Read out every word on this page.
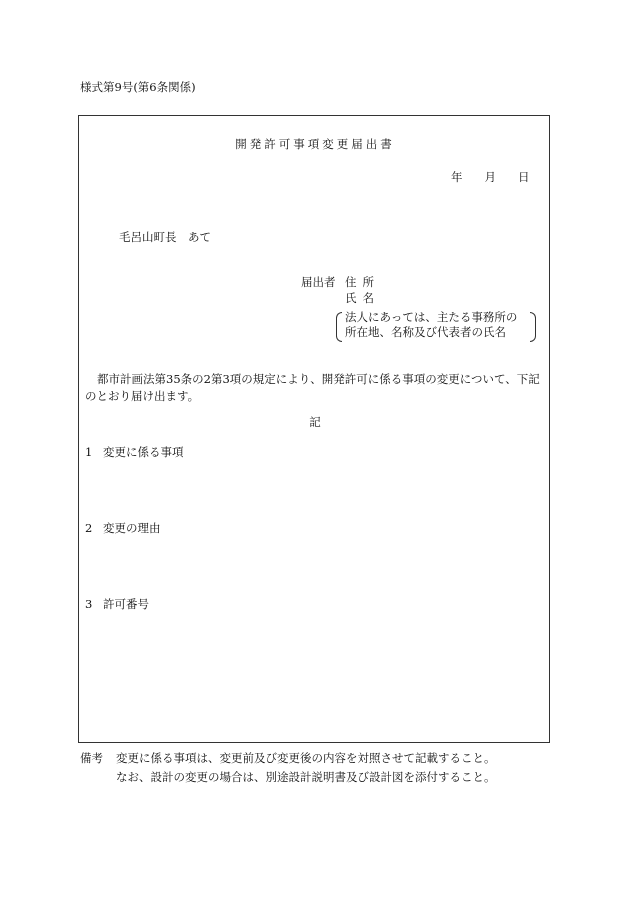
様式第9号(第6条関係)
開発許可事項変更届出書
年 月 日
毛呂山町長　あて
届出者 住所
氏名
法人にあっては、主たる事務所の
所在地、名称及び代表者の氏名
都市計画法第35条の2第3項の規定により、開発許可に係る事項の変更について、下記のとおり届け出ます。
記
1 変更に係る事項
2 変更の理由
3 許可番号
備考 変更に係る事項は、変更前及び変更後の内容を対照させて記載すること。
なお、設計の変更の場合は、別途設計説明書及び設計図を添付すること。
